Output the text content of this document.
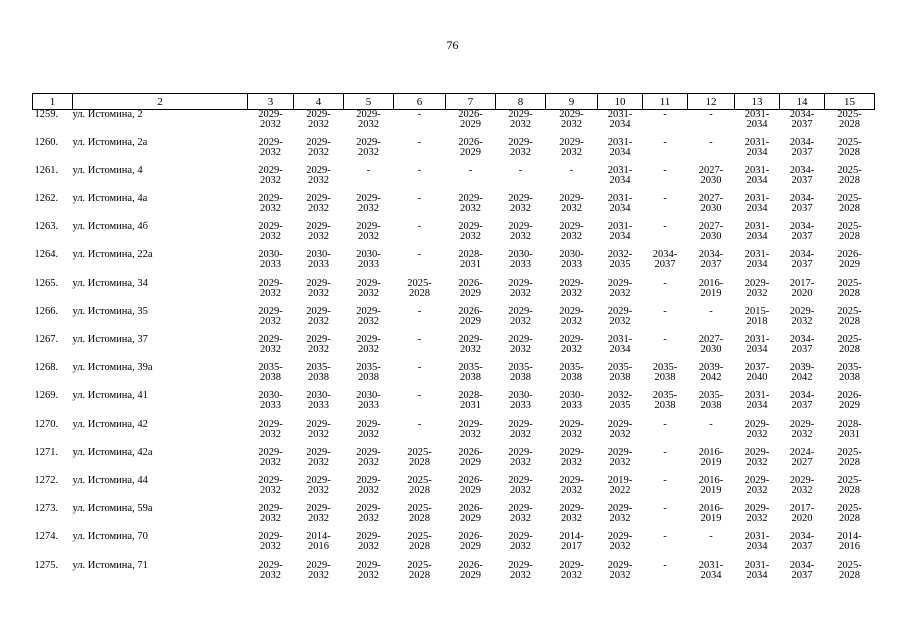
76
1	2	3	4	5	6	7	8	9	10	11	12	13	14	15
1259.	ул. Истомина, 2	2029-
2032	2029-
2032	2029-
2032	-	2026-
2029	2029-
2032	2029-
2032	2031-
2034	-	-	2031-
2034	2034-
2037	2025-
2028

1260.	ул. Истомина, 2а	2029-
2032	2029-
2032	2029-
2032	-	2026-
2029	2029-
2032	2029-
2032	2031-
2034	-	-	2031-
2034	2034-
2037	2025-
2028

1261.	ул. Истомина, 4	2029-
2032	2029-
2032	-	-	-	-	-	2031-
2034	-	2027-
2030	2031-
2034	2034-
2037	2025-
2028

1262.	ул. Истомина, 4а	2029-
2032	2029-
2032	2029-
2032	-	2029-
2032	2029-
2032	2029-
2032	2031-
2034	-	2027-
2030	2031-
2034	2034-
2037	2025-
2028

1263.	ул. Истомина, 4б	2029-
2032	2029-
2032	2029-
2032	-	2029-
2032	2029-
2032	2029-
2032	2031-
2034	-	2027-
2030	2031-
2034	2034-
2037	2025-
2028

1264.	ул. Истомина, 22а	2030-
2033	2030-
2033	2030-
2033	-	2028-
2031	2030-
2033	2030-
2033	2032-
2035	2034-
2037	2034-
2037	2031-
2034	2034-
2037	2026-
2029

1265.	ул. Истомина, 34	2029-
2032	2029-
2032	2029-
2032	2025-
2028	2026-
2029	2029-
2032	2029-
2032	2029-
2032	-	2016-
2019	2029-
2032	2017-
2020	2025-
2028

1266.	ул. Истомина, 35	2029-
2032	2029-
2032	2029-
2032	-	2026-
2029	2029-
2032	2029-
2032	2029-
2032	-	-	2015-
2018	2029-
2032	2025-
2028

1267.	ул. Истомина, 37	2029-
2032	2029-
2032	2029-
2032	-	2029-
2032	2029-
2032	2029-
2032	2031-
2034	-	2027-
2030	2031-
2034	2034-
2037	2025-
2028

1268.	ул. Истомина, 39а	2035-
2038	2035-
2038	2035-
2038	-	2035-
2038	2035-
2038	2035-
2038	2035-
2038	2035-
2038	2039-
2042	2037-
2040	2039-
2042	2035-
2038

1269.	ул. Истомина, 41	2030-
2033	2030-
2033	2030-
2033	-	2028-
2031	2030-
2033	2030-
2033	2032-
2035	2035-
2038	2035-
2038	2031-
2034	2034-
2037	2026-
2029

1270.	ул. Истомина, 42	2029-
2032	2029-
2032	2029-
2032	-	2029-
2032	2029-
2032	2029-
2032	2029-
2032	-	-	2029-
2032	2029-
2032	2028-
2031

1271.	ул. Истомина, 42а	2029-
2032	2029-
2032	2029-
2032	2025-
2028	2026-
2029	2029-
2032	2029-
2032	2029-
2032	-	2016-
2019	2029-
2032	2024-
2027	2025-
2028

1272.	ул. Истомина, 44	2029-
2032	2029-
2032	2029-
2032	2025-
2028	2026-
2029	2029-
2032	2029-
2032	2019-
2022	-	2016-
2019	2029-
2032	2029-
2032	2025-
2028

1273.	ул. Истомина, 59а	2029-
2032	2029-
2032	2029-
2032	2025-
2028	2026-
2029	2029-
2032	2029-
2032	2029-
2032	-	2016-
2019	2029-
2032	2017-
2020	2025-
2028

1274.	ул. Истомина, 70	2029-
2032	2014-
2016	2029-
2032	2025-
2028	2026-
2029	2029-
2032	2014-
2017	2029-
2032	-	-	2031-
2034	2034-
2037	2014-
2016

1275.	ул. Истомина, 71	2029-
2032	2029-
2032	2029-
2032	2025-
2028	2026-
2029	2029-
2032	2029-
2032	2029-
2032	-	2031-
2034	2031-
2034	2034-
2037	2025-
2028
